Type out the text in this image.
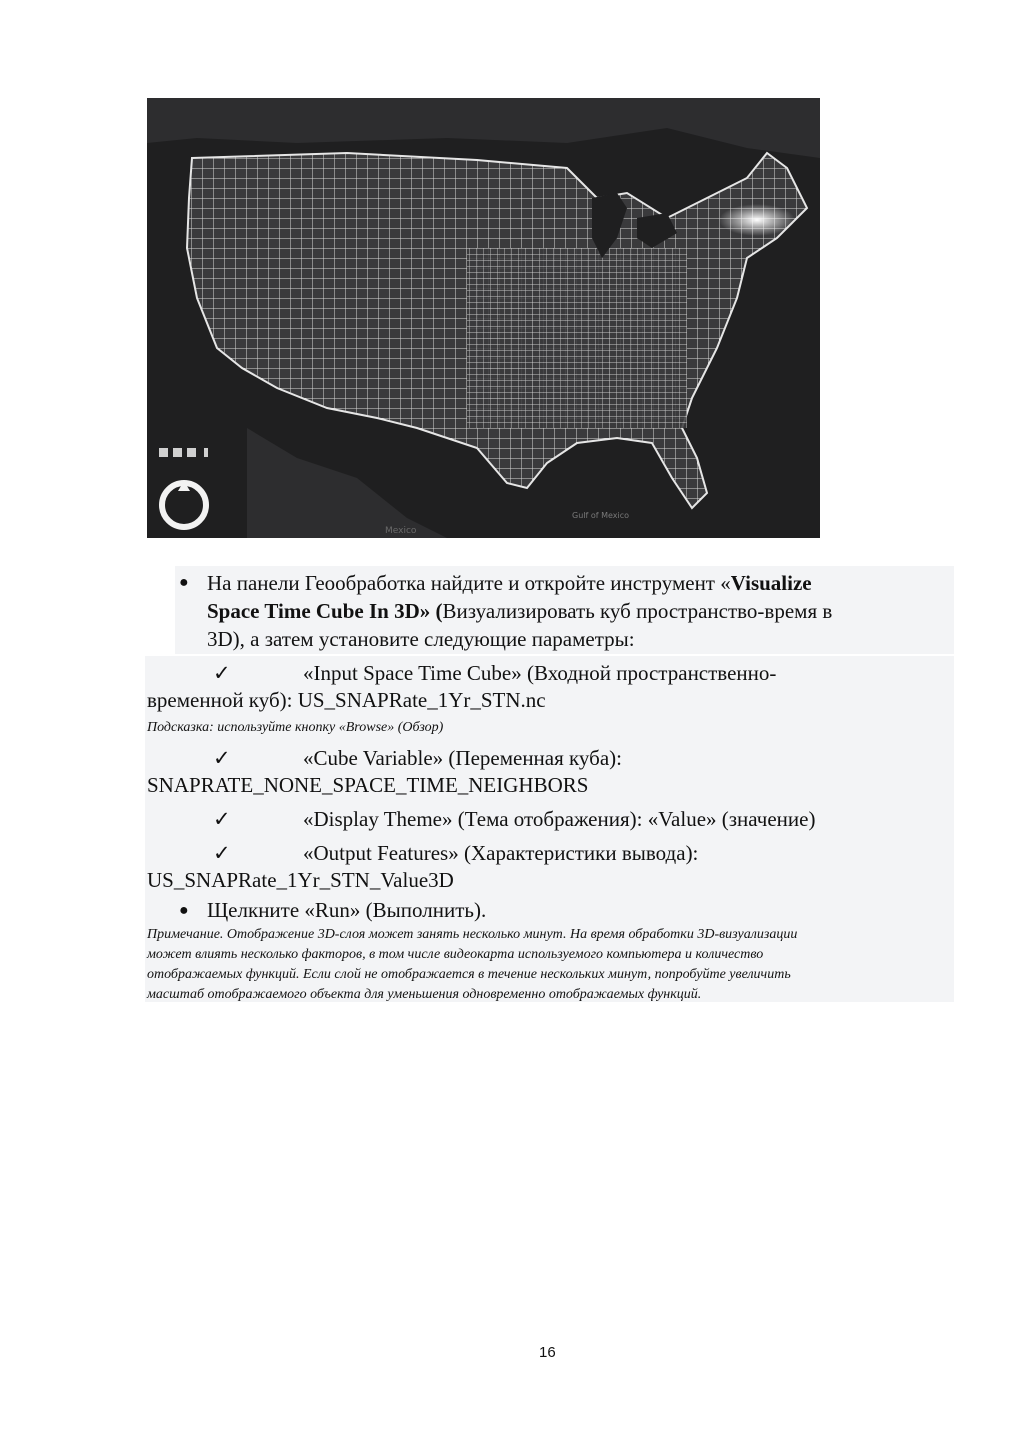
Gulf of Mexico
Mexico
● На панели Геообработка найдите и откройте инструмент «Visualize
Space Time Cube In 3D» (Визуализировать куб пространство-время в
3D), а затем установите следующие параметры:
✓	«Input Space Time Cube» (Входной пространственно-
временной куб): US_SNAPRate_1Yr_STN.nc
Подсказка: используйте кнопку «Browse» (Обзор)
✓	«Cube Variable» (Переменная куба):
SNAPRATE_NONE_SPACE_TIME_NEIGHBORS
✓	«Display Theme» (Тема отображения): «Value» (значение)
✓	«Output Features» (Характеристики вывода):
US_SNAPRate_1Yr_STN_Value3D
● Щелкните «Run» (Выполнить).
Примечание. Отображение 3D-слоя может занять несколько минут. На время обработки 3D-визуализации
может влиять несколько факторов, в том числе видеокарта используемого компьютера и количество
отображаемых функций. Если слой не отображается в течение нескольких минут, попробуйте увеличить
масштаб отображаемого объекта для уменьшения одновременно отображаемых функций.
16
